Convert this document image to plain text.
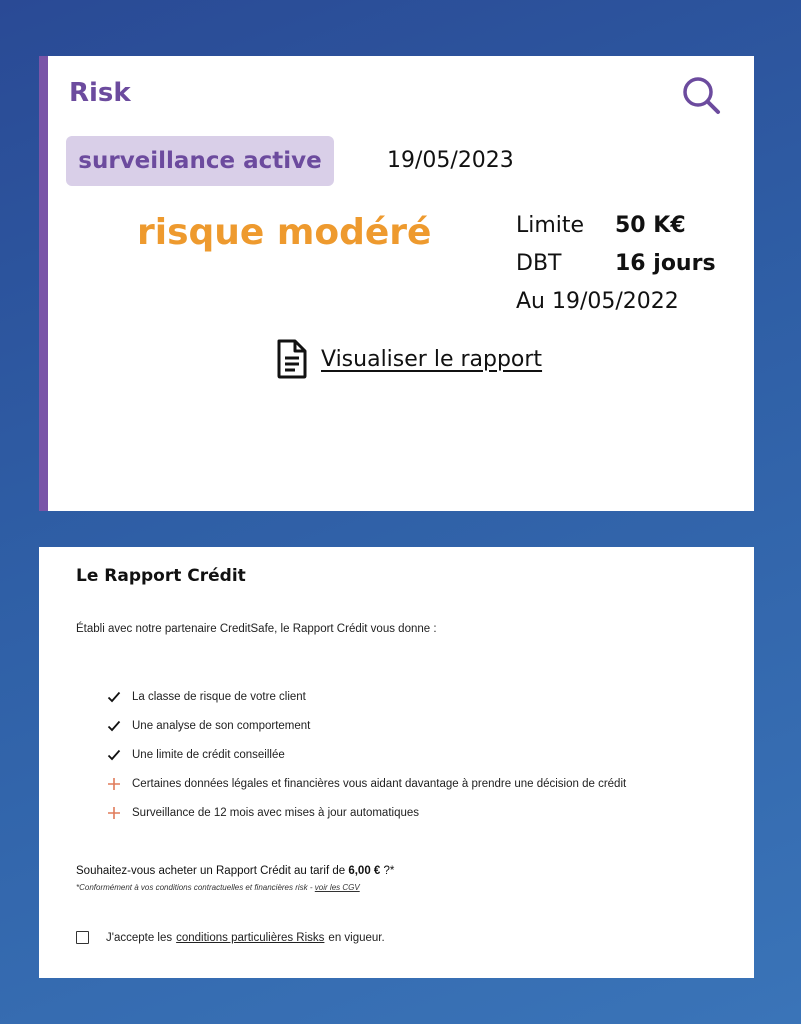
Risk
surveillance active	19/05/2023
risque modéré	Limite 50 K€
DBT 16 jours
Au 19/05/2022
Visualiser le rapport
Le Rapport Crédit
Établi avec notre partenaire CreditSafe, le Rapport Crédit vous donne :
La classe de risque de votre client
Une analyse de son comportement
Une limite de crédit conseillée
Certaines données légales et financières vous aidant davantage à prendre une décision de crédit
Surveillance de 12 mois avec mises à jour automatiques
Souhaitez-vous acheter un Rapport Crédit au tarif de 6,00 € ?*
*Conformément à vos conditions contractuelles et financières risk - voir les CGV
J'accepte les conditions particulières Risks en vigueur.
